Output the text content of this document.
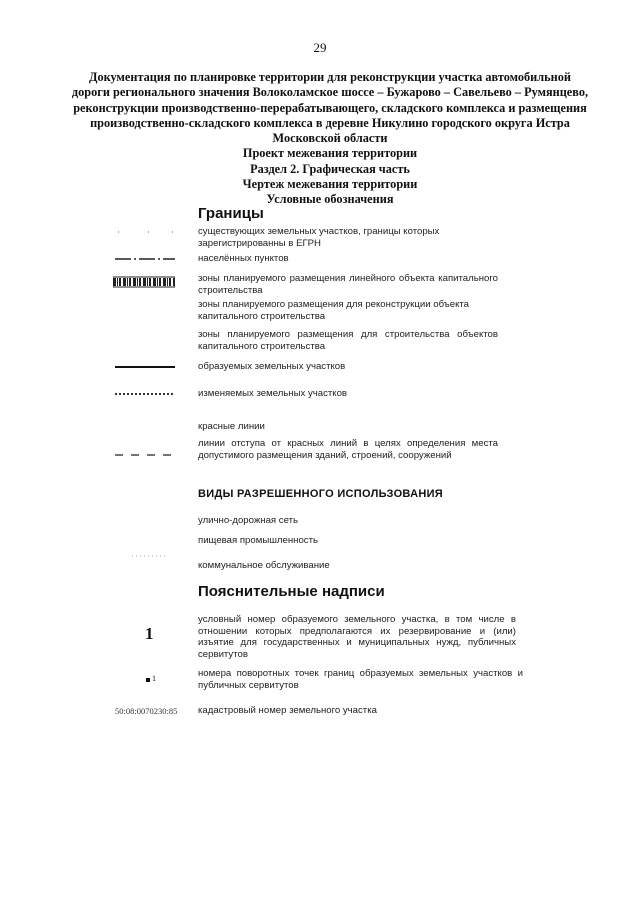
29
Документация по планировке территории для реконструкции участка автомобильной
дороги регионального значения Волоколамское шоссе – Бужарово – Савельево – Румянцево,
реконструкции производственно-перерабатывающего, складского комплекса и размещения
производственно-складского комплекса в деревне Никулино городского округа Истра
Московской области
Проект межевания территории
Раздел 2. Графическая часть
Чертеж межевания территории
Условные обозначения
Границы
существующих земельных участков, границы которых зарегистрированны в ЕГРН
населённых пунктов
зоны планируемого размещения линейного объекта капитального строительства
зоны планируемого размещения для реконструкции объекта капитального строительства
зоны планируемого размещения для строительства объектов капитального строительства
образуемых земельных участков
изменяемых земельных участков
красные линии
линии отступа от красных линий в целях определения места допустимого размещения зданий, строений, сооружений
ВИДЫ РАЗРЕШЕННОГО ИСПОЛЬЗОВАНИЯ
улично-дорожная сеть
пищевая промышленность
коммунальное обслуживание
Пояснительные надписи
1
условный номер образуемого земельного участка, в том числе в отношении которых предполагаются их резервирование и (или) изъятие для государственных и муниципальных нужд, публичных сервитутов
1	номера поворотных точек границ образуемых земельных участков и публичных сервитутов
50:08:0070230:85 кадастровый номер земельного участка
